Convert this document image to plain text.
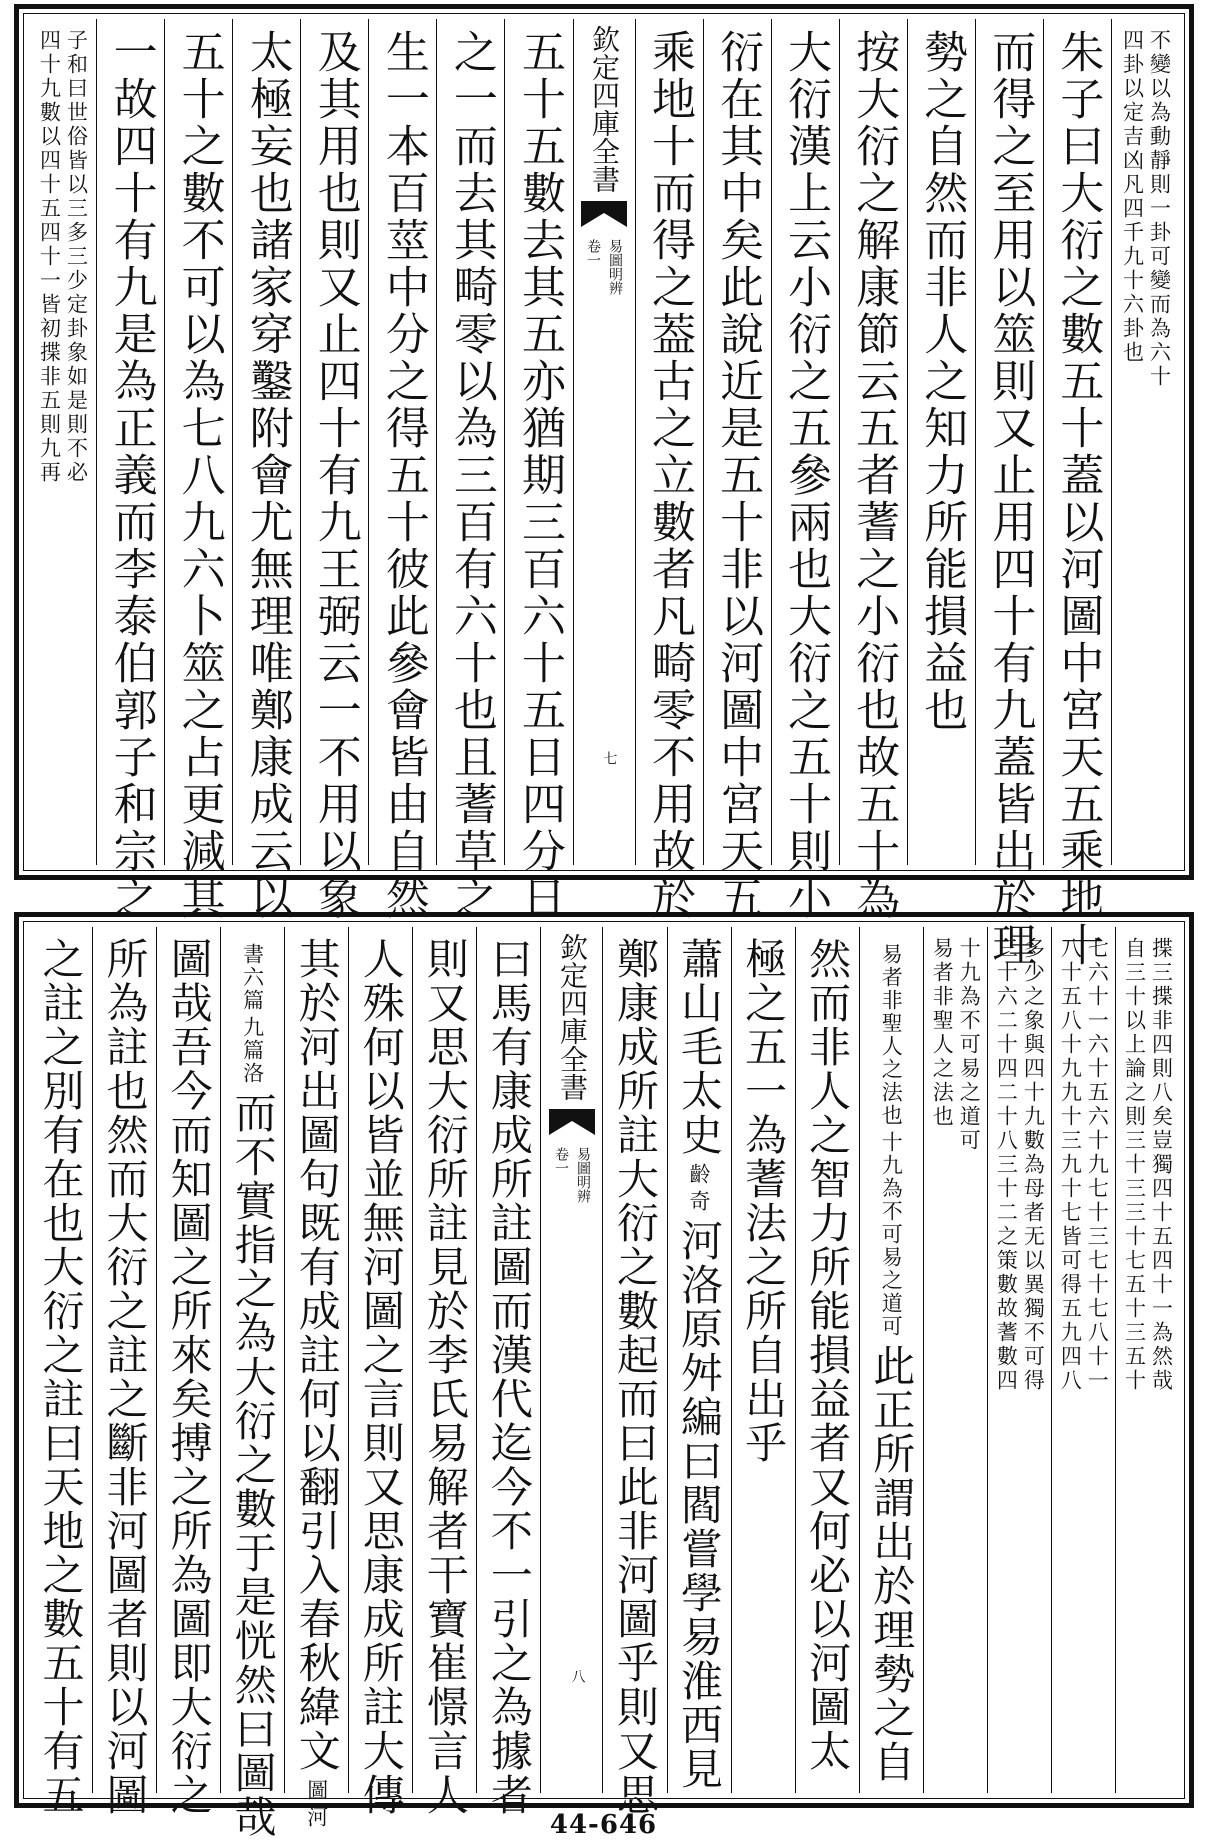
不變以為動靜則一卦可變而為六十
四卦以定吉凶凡四千九十六卦也
朱子曰大衍之數五十蓋以河圖中宮天五乘地十
而得之至用以筮則又止用四十有九蓋皆出於理
勢之自然而非人之知力所能損益也
按大衍之解康節云五者蓍之小衍也故五十為
大衍漢上云小衍之五參兩也大衍之五十則小
衍在其中矣此說近是五十非以河圖中宮天五
乘地十而得之葢古之立數者凡畸零不用故於
欽定四庫全書
易圖明辨
卷一
七
五十五數去其五亦猶期三百六十五日四分日
之一而去其畸零以為三百有六十也且蓍草之
生一本百莖中分之得五十彼此參會皆由自然
及其用也則又止四十有九王弼云一不用以象
太極妄也諸家穿鑿附會尤無理唯鄭康成云以
五十之數不可以為七八九六卜筮之占更減其
一故四十有九是為正義而李泰伯郭子和宗之
子和曰世俗皆以三多三少定卦象如是則不必
四十九數以四十五四十一皆初揲非五則九再
揲三揲非四則八矣豈獨四十五四十一為然哉
自三十以上論之則三十三三十七五十三五十
七六十一六十五六十九七十三七十七八十一
八十五八十九九十三九十七皆可得五九四八
多少之象與四十九數為母者无以異獨不可得
三十六二十四二十八三十二之策數故蓍數四
十九為不可易之道可
易者非聖人之法也
十九為不可易之道可
易者非聖人之法也
此正所謂出於理勢之自
然而非人之智力所能損益者又何必以河圖太
極之五一為蓍法之所自出乎
蕭山毛太史
奇
齡
河洛原舛編曰閻嘗學易淮西見
鄭康成所註大衍之數起而曰此非河圖乎則又思
欽定四庫全書
易圖明辨
卷一
八
曰馬有康成所註圖而漢代迄今不一引之為據者
則又思大衍所註見於李氏易解者干寶崔憬言人
人殊何以皆並無河圖之言則又思康成所註大傳
其於河出圖句既有成註何以翻引入春秋緯文
河
圖
九篇洛
書六篇
而不實指之為大衍之數于是恍然曰圖哉
圖哉吾今而知圖之所來矣搏之所為圖即大衍之
所為註也然而大衍之註之斷非河圖者則以河圖
之註之別有在也大衍之註曰天地之數五十有五
44-646
